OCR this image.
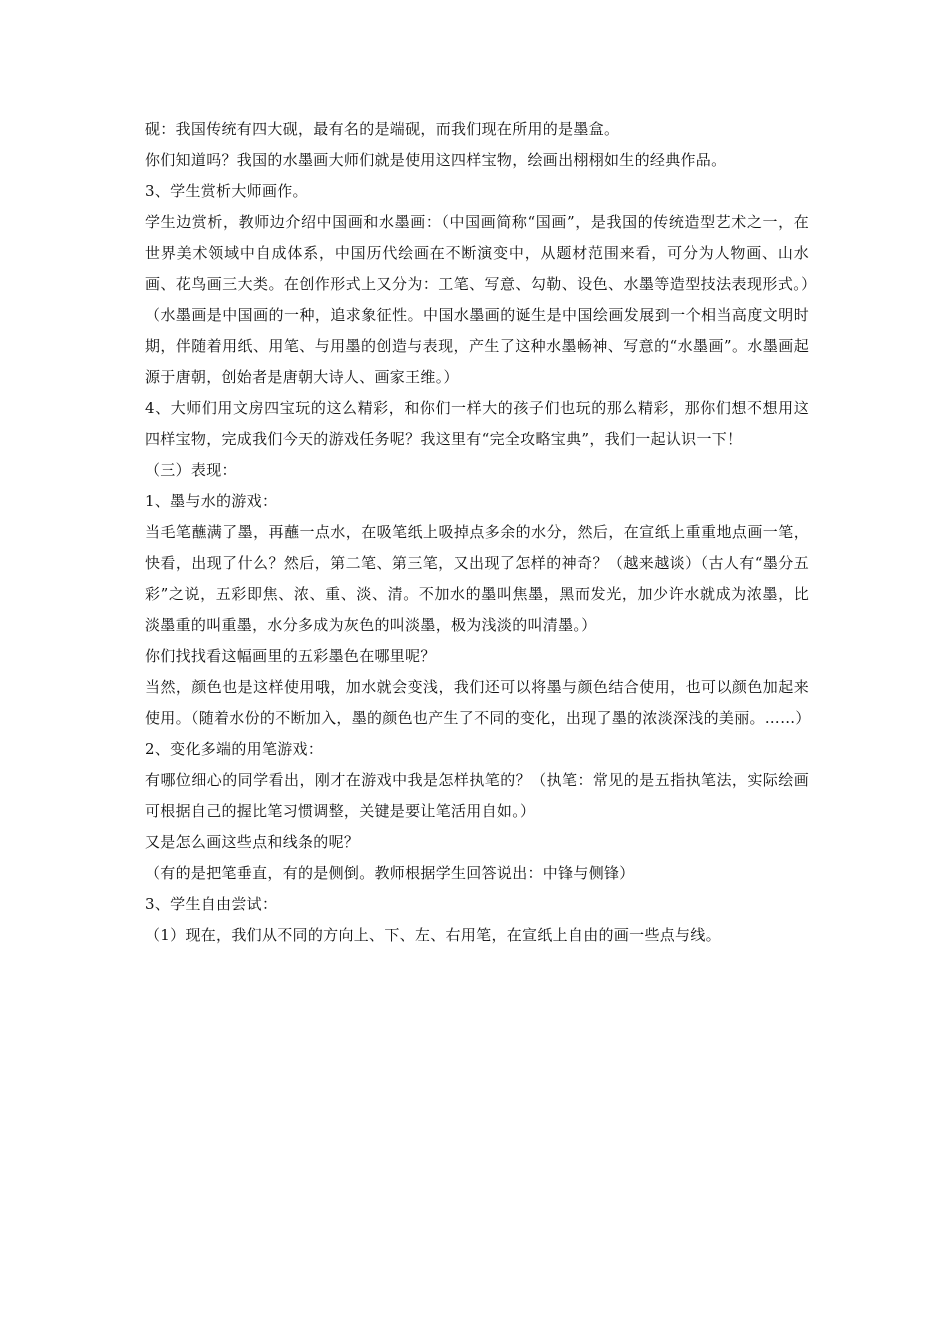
砚：我国传统有四大砚，最有名的是端砚，而我们现在所用的是墨盒。

你们知道吗？我国的水墨画大师们就是使用这四样宝物，绘画出栩栩如生的经典作品。

3、学生赏析大师画作。

学生边赏析，教师边介绍中国画和水墨画：（中国画简称“国画”，是我国的传统造型艺术之一，在世界美术领域中自成体系，中国历代绘画在不断演变中，从题材范围来看，可分为人物画、山水画、花鸟画三大类。在创作形式上又分为：工笔、写意、勾勒、设色、水墨等造型技法表现形式。）（水墨画是中国画的一种，追求象征性。中国水墨画的诞生是中国绘画发展到一个相当高度文明时期，伴随着用纸、用笔、与用墨的创造与表现，产生了这种水墨畅神、写意的“水墨画”。水墨画起源于唐朝，创始者是唐朝大诗人、画家王维。）

4、大师们用文房四宝玩的这么精彩，和你们一样大的孩子们也玩的那么精彩，那你们想不想用这四样宝物，完成我们今天的游戏任务呢？我这里有“完全攻略宝典”，我们一起认识一下！

（三）表现：

1、墨与水的游戏：

当毛笔蘸满了墨，再蘸一点水，在吸笔纸上吸掉点多余的水分，然后，在宣纸上重重地点画一笔，快看，出现了什么？然后，第二笔、第三笔，又出现了怎样的神奇？（越来越谈）（古人有“墨分五彩”之说，五彩即焦、浓、重、淡、清。不加水的墨叫焦墨，黑而发光，加少许水就成为浓墨，比淡墨重的叫重墨，水分多成为灰色的叫淡墨，极为浅淡的叫清墨。）

你们找找看这幅画里的五彩墨色在哪里呢？

当然，颜色也是这样使用哦，加水就会变浅，我们还可以将墨与颜色结合使用，也可以颜色加起来使用。（随着水份的不断加入，墨的颜色也产生了不同的变化，出现了墨的浓淡深浅的美丽。……）

2、变化多端的用笔游戏：

有哪位细心的同学看出，刚才在游戏中我是怎样执笔的？（执笔：常见的是五指执笔法，实际绘画可根据自己的握比笔习惯调整，关键是要让笔活用自如。）

又是怎么画这些点和线条的呢？

（有的是把笔垂直，有的是侧倒。教师根据学生回答说出：中锋与侧锋）

3、学生自由尝试：

（1）现在，我们从不同的方向上、下、左、右用笔，在宣纸上自由的画一些点与线。
